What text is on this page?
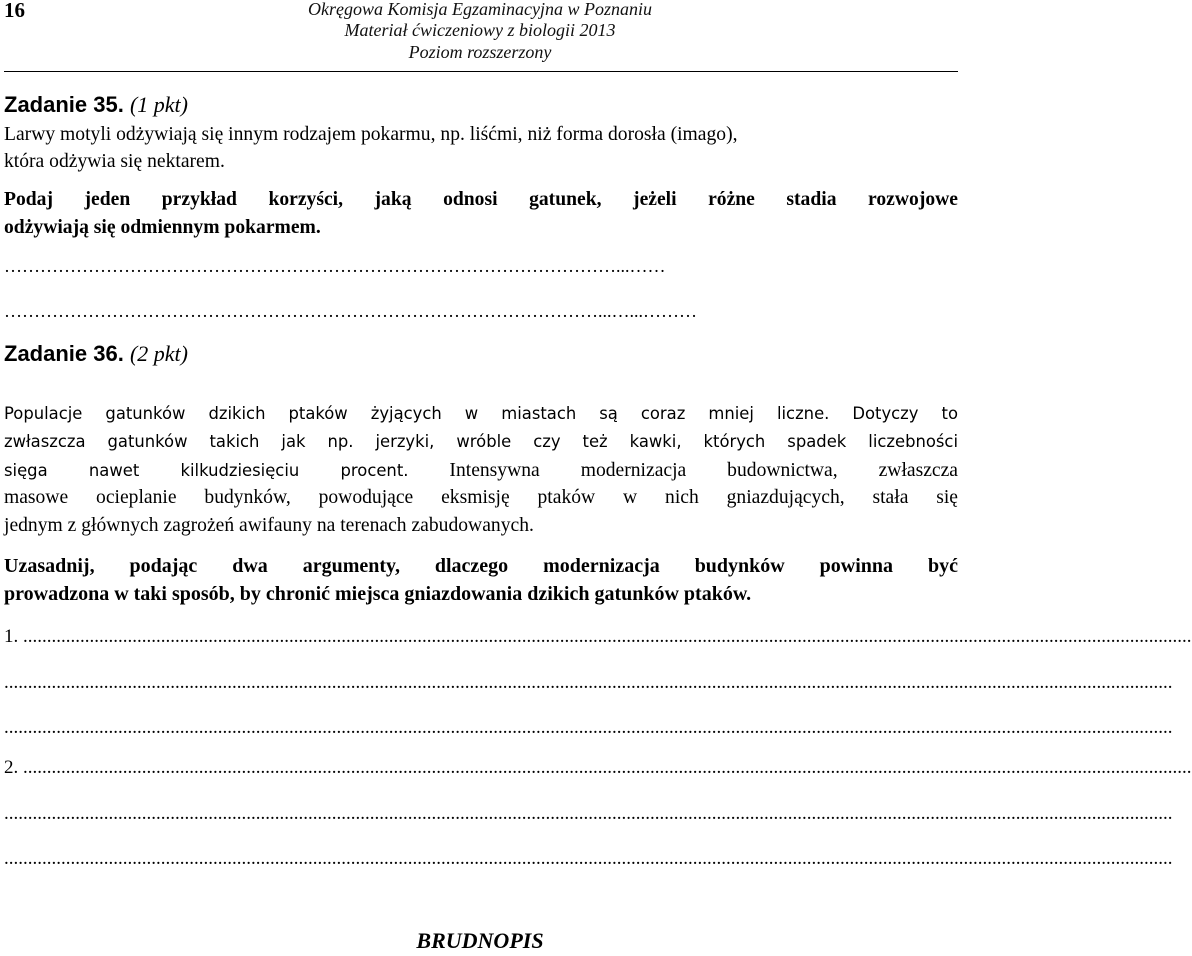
16	Okręgowa Komisja Egzaminacyjna w Poznaniu
Materiał ćwiczeniowy z biologii 2013
Poziom rozszerzony
Zadanie 35. (1 pkt)
Larwy motyli odżywiają się innym rodzajem pokarmu, np. liśćmi, niż forma dorosła (imago),
która odżywia się nektarem.
Podaj jeden przykład korzyści, jaką odnosi gatunek, jeżeli różne stadia rozwojowe
odżywiają się odmiennym pokarmem.
…………………………………………………………………………………………...……
………………………………………………………………………………………...…...………
Zadanie 36. (2 pkt)
Populacje gatunków dzikich ptaków żyjących w miastach są coraz mniej liczne. Dotyczy to
zwłaszcza gatunków takich jak np. jerzyki, wróble czy też kawki, których spadek liczebności
sięga nawet kilkudziesięciu procent. Intensywna modernizacja budownictwa, zwłaszcza
masowe ocieplanie budynków, powodujące eksmisję ptaków w nich gniazdujących, stała się
jednym z głównych zagrożeń awifauny na terenach zabudowanych.
Uzasadnij, podając dwa argumenty, dlaczego modernizacja budynków powinna być
prowadzona w taki sposób, by chronić miejsca gniazdowania dzikich gatunków ptaków.
1. ......................................................................................................................................................................................................................................................
......................................................................................................................................................................................................................................................
......................................................................................................................................................................................................................................................
2. ......................................................................................................................................................................................................................................................
......................................................................................................................................................................................................................................................
......................................................................................................................................................................................................................................................
BRUDNOPIS
